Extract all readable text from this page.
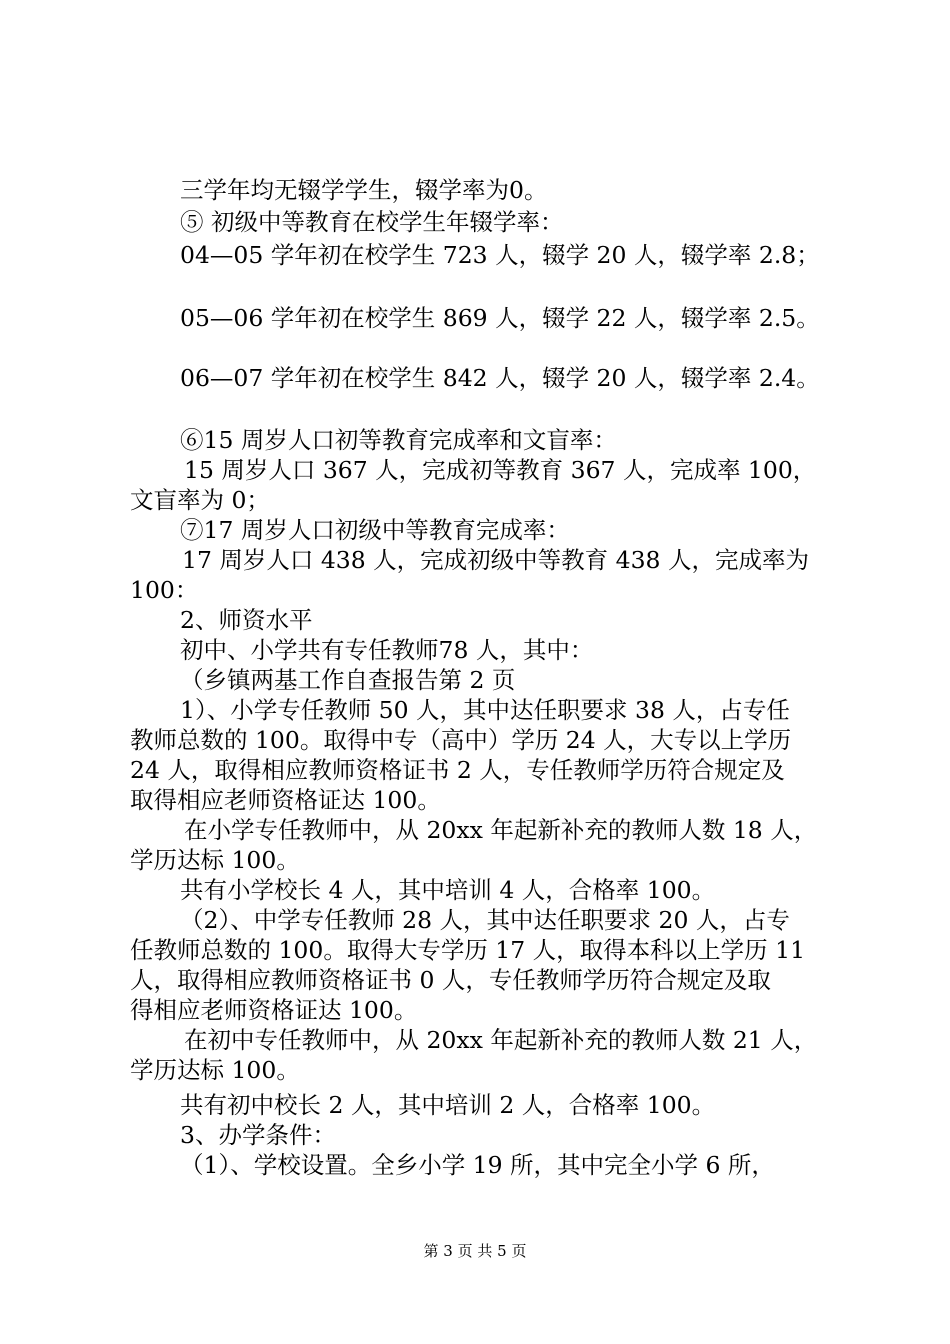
三学年均无辍学学生，辍学率为0。
⑤ 初级中等教育在校学生年辍学率：
04—05 学年初在校学生 723 人，辍学 20 人，辍学率 2.8；
05—06 学年初在校学生 869 人，辍学 22 人，辍学率 2.5。
06—07 学年初在校学生 842 人，辍学 20 人，辍学率 2.4。
⑥15 周岁人口初等教育完成率和文盲率：
15 周岁人口 367 人，完成初等教育 367 人，完成率 100，
文盲率为 0；
⑦17 周岁人口初级中等教育完成率：
17 周岁人口 438 人，完成初级中等教育 438 人，完成率为
100：
2、师资水平
初中、小学共有专任教师78 人，其中：
（乡镇两基工作自查报告第 2 页
1）、小学专任教师 50 人，其中达任职要求 38 人，占专任
教师总数的 100。取得中专（高中）学历 24 人，大专以上学历
24 人，取得相应教师资格证书 2 人，专任教师学历符合规定及
取得相应老师资格证达 100。
在小学专任教师中，从 20xx 年起新补充的教师人数 18 人，
学历达标 100。
共有小学校长 4 人，其中培训 4 人，合格率 100。
（2）、中学专任教师 28 人，其中达任职要求 20 人，占专
任教师总数的 100。取得大专学历 17 人，取得本科以上学历 11
人，取得相应教师资格证书 0 人，专任教师学历符合规定及取
得相应老师资格证达 100。
在初中专任教师中，从 20xx 年起新补充的教师人数 21 人，
学历达标 100。
共有初中校长 2 人，其中培训 2 人，合格率 100。
3、办学条件：
（1）、学校设置。全乡小学 19 所，其中完全小学 6 所，
第 3 页 共 5 页
